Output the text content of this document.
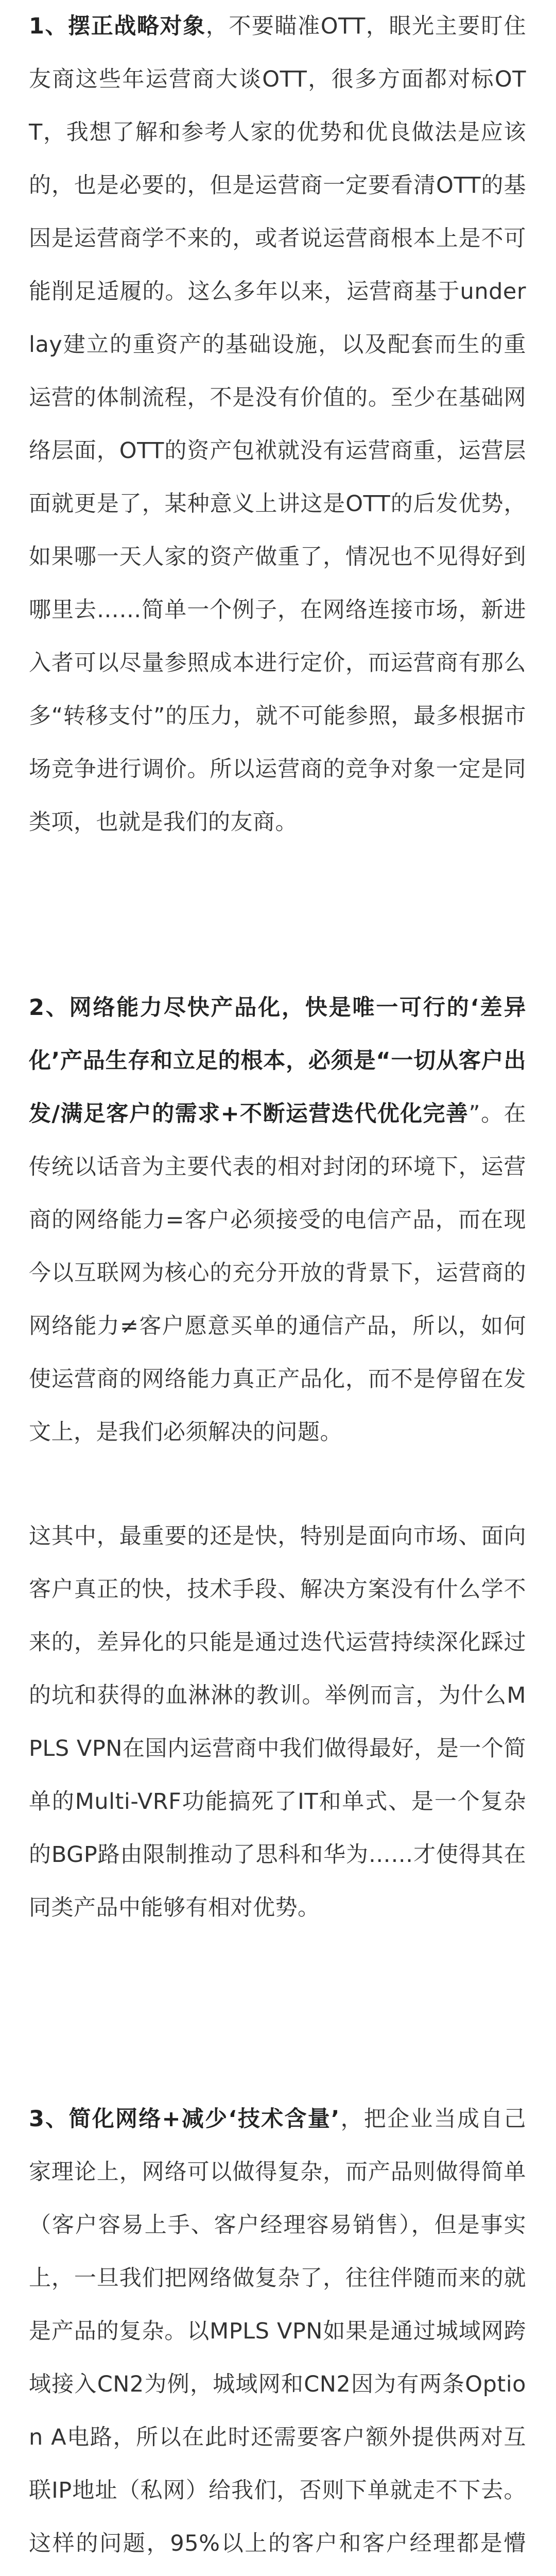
1、摆正战略对象，不要瞄准OTT，眼光主要盯住友商这些年运营商大谈OTT，很多方面都对标OTT，我想了解和参考人家的优势和优良做法是应该的，也是必要的，但是运营商一定要看清OTT的基因是运营商学不来的，或者说运营商根本上是不可能削足适履的。这么多年以来，运营商基于underlay建立的重资产的基础设施，以及配套而生的重运营的体制流程，不是没有价值的。至少在基础网络层面，OTT的资产包袱就没有运营商重，运营层面就更是了，某种意义上讲这是OTT的后发优势，如果哪一天人家的资产做重了，情况也不见得好到哪里去……简单一个例子，在网络连接市场，新进入者可以尽量参照成本进行定价，而运营商有那么多“转移支付”的压力，就不可能参照，最多根据市场竞争进行调价。所以运营商的竞争对象一定是同类项，也就是我们的友商。

2、网络能力尽快产品化，快是唯一可行的‘差异化’产品生存和立足的根本，必须是“一切从客户出发/满足客户的需求+不断运营迭代优化完善”。在传统以话音为主要代表的相对封闭的环境下，运营商的网络能力=客户必须接受的电信产品，而在现今以互联网为核心的充分开放的背景下，运营商的网络能力≠客户愿意买单的通信产品，所以，如何使运营商的网络能力真正产品化，而不是停留在发文上，是我们必须解决的问题。

这其中，最重要的还是快，特别是面向市场、面向客户真正的快，技术手段、解决方案没有什么学不来的，差异化的只能是通过迭代运营持续深化踩过的坑和获得的血淋淋的教训。举例而言，为什么MPLS VPN在国内运营商中我们做得最好，是一个简单的Multi-VRF功能搞死了IT和单式、是一个复杂的BGP路由限制推动了思科和华为……才使得其在同类产品中能够有相对优势。

3、简化网络+减少‘技术含量’，把企业当成自己家理论上，网络可以做得复杂，而产品则做得简单（客户容易上手、客户经理容易销售），但是事实上，一旦我们把网络做复杂了，往往伴随而来的就是产品的复杂。以MPLS VPN如果是通过城域网跨域接入CN2为例，城域网和CN2因为有两条Option A电路，所以在此时还需要客户额外提供两对互联IP地址（私网）给我们，否则下单就走不下去。这样的问题，95%以上的客户和客户经理都是懵
